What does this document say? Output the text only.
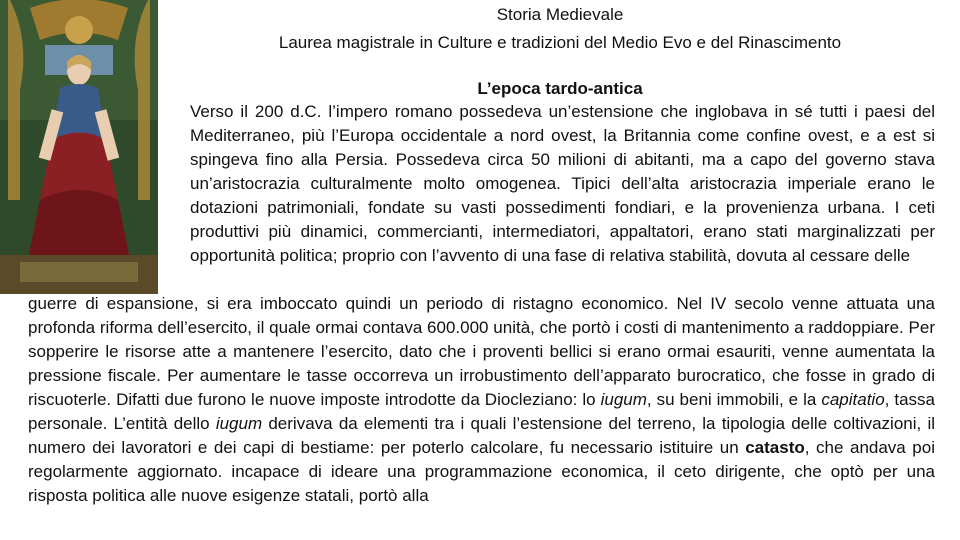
Storia Medievale
Laurea magistrale in Culture e tradizioni del Medio Evo e del Rinascimento
L’epoca tardo-antica
Verso il 200 d.C. l’impero romano possedeva un’estensione che inglobava in sé tutti i paesi del Mediterraneo, più l’Europa occidentale a nord ovest, la Britannia come confine ovest, e a est si spingeva fino alla Persia. Possedeva circa 50 milioni di abitanti, ma a capo del governo stava un’aristocrazia culturalmente molto omogenea. Tipici dell’alta aristocrazia imperiale erano le dotazioni patrimoniali, fondate su vasti possedimenti fondiari, e la provenienza urbana. I ceti produttivi più dinamici, commercianti, intermediatori, appaltatori, erano stati marginalizzati per opportunità politica; proprio con l’avvento di una fase di relativa stabilità, dovuta al cessare delle
guerre di espansione, si era imboccato quindi un periodo di ristagno economico. Nel IV secolo venne attuata una profonda riforma dell’esercito, il quale ormai contava 600.000 unità, che portò i costi di mantenimento a raddoppiare. Per sopperire le risorse atte a mantenere l’esercito, dato che i proventi bellici si erano ormai esauriti, venne aumentata la pressione fiscale. Per aumentare le tasse occorreva un irrobustimento dell’apparato burocratico, che fosse in grado di riscuoterle. Difatti due furono le nuove imposte introdotte da Diocleziano: lo iugum, su beni immobili, e la capitatio, tassa personale. L’entità dello iugum derivava da elementi tra i quali l’estensione del terreno, la tipologia delle coltivazioni, il numero dei lavoratori e dei capi di bestiame: per poterlo calcolare, fu necessario istituire un catasto, che andava poi regolarmente aggiornato. incapace di ideare una programmazione economica, il ceto dirigente, che optò per una risposta politica alle nuove esigenze statali, portò alla
